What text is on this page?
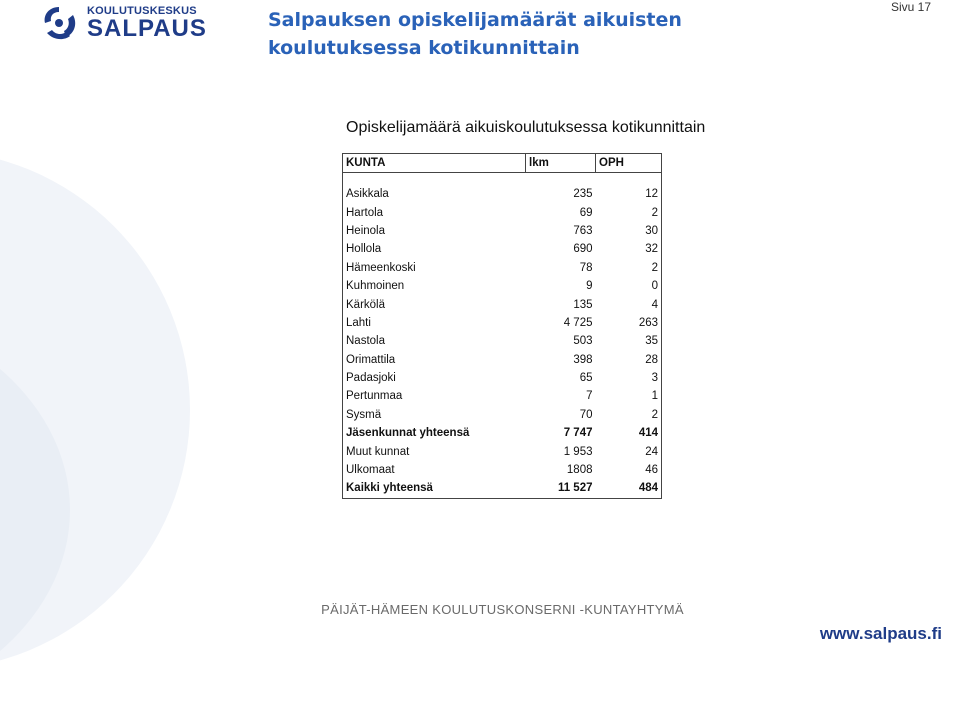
KOULUTUSKESKUS
SALPAUS	Salpauksen opiskelijamäärät aikuisten koulutuksessa kotikunnittain
Sivu 17
Opiskelijamäärä aikuiskoulutuksessa kotikunnittain
KUNTA	lkm	OPH

Asikkala	235	12
Hartola	69	2
Heinola	763	30
Hollola	690	32
Hämeenkoski	78	2
Kuhmoinen	9	0
Kärkölä	135	4
Lahti	4 725	263
Nastola	503	35
Orimattila	398	28
Padasjoki	65	3
Pertunmaa	7	1
Sysmä	70	2
Jäsenkunnat yhteensä	7 747	414
Muut kunnat	1 953	24
Ulkomaat	1808	46
Kaikki yhteensä	11 527	484
PÄIJÄT-HÄMEEN KOULUTUSKONSERNI -KUNTAYHTYMÄ
www.salpaus.fi
